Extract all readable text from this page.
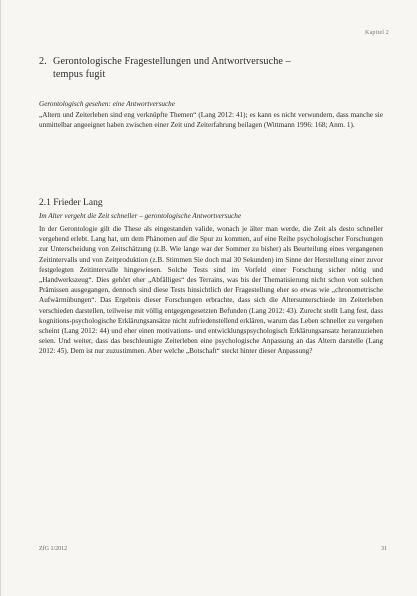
Kapitel 2
2. Gerontologische Fragestellungen und Antwortversuche –
tempus fugit
Gerontologisch gesehen: eine Antwortversuche
„Altern und Zeiterleben sind eng verknüpfte Themen“ (Lang 2012: 41); es kann es nicht verwundern, dass manche sie unmittelbar angeeignet haben zwischen einer Zeit und Zeiterfahrung beilagen (Wittmann 1996: 168; Anm. 1).
2.1 Frieder Lang
Im Alter vergeht die Zeit schneller – gerontologische Antwortversuche
In der Gerontologie gilt die These als eingestanden valide, wonach je älter man werde, die Zeit als desto schneller vergehend erlebt. Lang hat, um dem Phänomen auf die Spur zu kommen, auf eine Reihe psychologischer Forschungen zur Unterscheidung von Zeitschätzung (z.B. Wie lange war der Sommer zu bisher) als Beurteilung eines vergangenen Zeitintervalls und von Zeitproduktion (z.B. Stimmen Sie doch mal 30 Sekunden) im Sinne der Herstellung einer zuvor festgelegten Zeitintervalle hingewiesen. Solche Tests sind im Vorfeld einer Forschung sicher nötig und „Handwerkszeug“. Dies gehört eher „Abfälliges“ des Terrains, was bis der Thematisierung nicht schon von solchen Prämissen ausgegangen, dennoch sind diese Tests hinsichtlich der Fragestellung eher so etwas wie „chronometrische Aufwärmübungen“. Das Ergebnis dieser Forschungen erbrachte, dass sich die Altersunterschiede im Zeiterleben verschieden darstellen, teilweise mit völlig entgegengesetzten Befunden (Lang 2012: 43). Zurecht stellt Lang fest, dass kognitions-psychologische Erklärungsansätze nicht zufriedenstellend erklären, warum das Leben schneller zu vergehen scheint (Lang 2012: 44) und eher einen motivations- und entwicklungspsychologisch Erklärungsansatz heranzuziehen seien. Und weiter, dass das beschleunigte Zeiterleben eine psychologische Anpassung an das Altern darstelle (Lang 2012: 45). Dem ist nur zuzustimmen. Aber welche „Botschaft“ steckt hinter dieser Anpassung?
ZfG 1/2012	31
